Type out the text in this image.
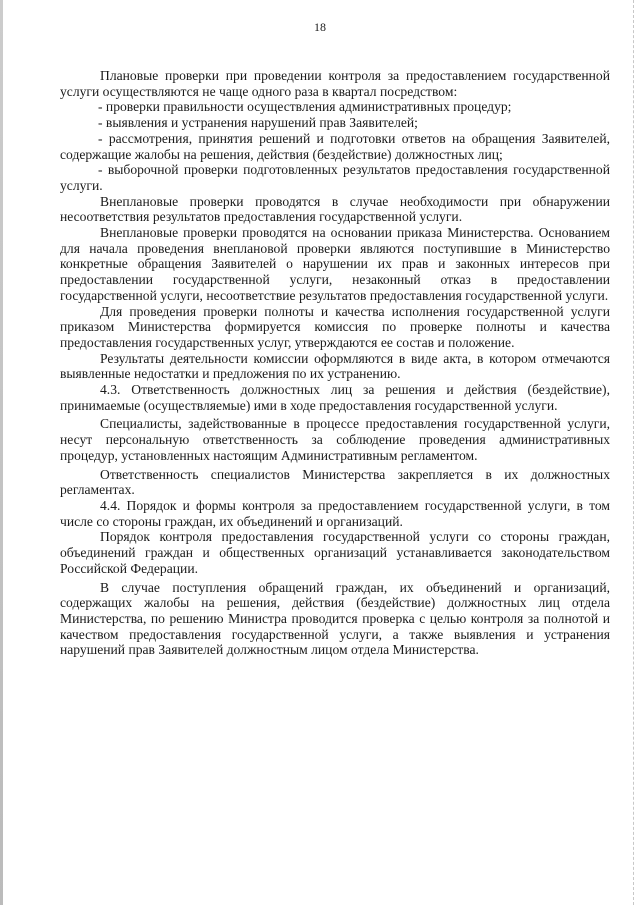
18

Плановые проверки при проведении контроля за предоставлением государственной услуги осуществляются не чаще одного раза в квартал посредством:

- проверки правильности осуществления административных процедур;

- выявления и устранения нарушений прав Заявителей;

- рассмотрения, принятия решений и подготовки ответов на обращения Заявителей, содержащие жалобы на решения, действия (бездействие) должностных лиц;

- выборочной проверки подготовленных результатов предоставления государственной услуги.

Внеплановые проверки проводятся в случае необходимости при обнаружении несоответствия результатов предоставления государственной услуги.

Внеплановые проверки проводятся на основании приказа Министерства. Основанием для начала проведения внеплановой проверки являются поступившие в Министерство конкретные обращения Заявителей о нарушении их прав и законных интересов при предоставлении государственной услуги, незаконный отказ в предоставлении государственной услуги, несоответствие результатов предоставления государственной услуги.

Для проведения проверки полноты и качества исполнения государственной услуги приказом Министерства формируется комиссия по проверке полноты и качества предоставления государственных услуг, утверждаются ее состав и положение.

Результаты деятельности комиссии оформляются в виде акта, в котором отмечаются выявленные недостатки и предложения по их устранению.

4.3. Ответственность должностных лиц за решения и действия (бездействие), принимаемые (осуществляемые) ими в ходе предоставления государственной услуги.

Специалисты, задействованные в процессе предоставления государственной услуги, несут персональную ответственность за соблюдение проведения административных процедур, установленных настоящим Административным регламентом.

Ответственность специалистов Министерства закрепляется в их должностных регламентах.

4.4. Порядок и формы контроля за предоставлением государственной услуги, в том числе со стороны граждан, их объединений и организаций.

Порядок контроля предоставления государственной услуги со стороны граждан, объединений граждан и общественных организаций устанавливается законодательством Российской Федерации.

В случае поступления обращений граждан, их объединений и организаций, содержащих жалобы на решения, действия (бездействие) должностных лиц отдела Министерства, по решению Министра проводится проверка с целью контроля за полнотой и качеством предоставления государственной услуги, а также выявления и устранения нарушений прав Заявителей должностным лицом отдела Министерства.
